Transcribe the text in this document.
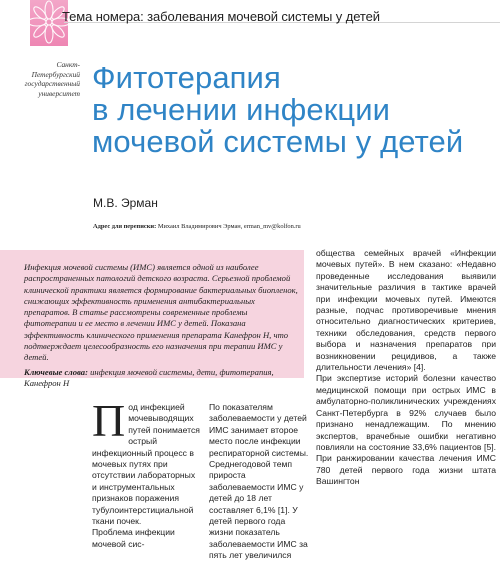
Тема номера: заболевания мочевой системы у детей
Санкт-
Петербургский
государственный
университет Фитотерапия
в лечении инфекции
мочевой системы у детей
М.В. Эрман
Адрес для переписки: Михаил Владимирович Эрман, erman_mv@kolfon.ru

Инфекция мочевой системы (ИМС) является одной из наиболее распространенных патологий детского возраста. Серьезной проблемой клинической практики является формирование бактериальных биопленок, снижающих эффективность применения антибактериальных препаратов. В статье рассмотрены современные проблемы фитотерапии и ее место в лечении ИМС у детей. Показана эффективность клинического применения препарата Канефрон Н, что подтверждает целесообразность его назначения при терапии ИМС у детей.

Ключевые слова: инфекция мочевой системы, дети, фитотерапия, Канефрон Н

общества семейных врачей «Инфекции мочевых путей». В нем сказано: «Недавно проведенные исследования выявили значительные различия в тактике врачей при инфекции мочевых путей. Имеются разные, подчас противоречивые мнения относительно диагностических критериев, техники обследования, средств первого выбора и назначения препаратов при возникновении рецидивов, а также длительности лечения» [4].

При экспертизе историй болезни качество медицинской помощи при острых ИМС в амбулаторно-поликлинических учреждениях Санкт-Петербурга в 92% случаев было признано ненадлежащим. По мнению экспертов, врачебные ошибки негативно повлияли на состояние 33,6% пациентов [5]. При ранжировании качества лечения ИМС 780 детей первого года жизни штата Вашингтон

П од инфекцией мочевыводящих путей понимается острый инфекционный процесс в мочевых путях при отсутствии лабораторных и инструментальных признаков поражения тубулоинтерстициальной ткани почек.

Проблема инфекции мочевой сис-

По показателям заболеваемости у детей ИМС занимает второе место после инфекции респираторной системы. Среднегодовой темп прироста заболеваемости ИМС у детей до 18 лет составляет 6,1% [1]. У детей первого года жизни показатель заболеваемости ИМС за пять лет увеличился
